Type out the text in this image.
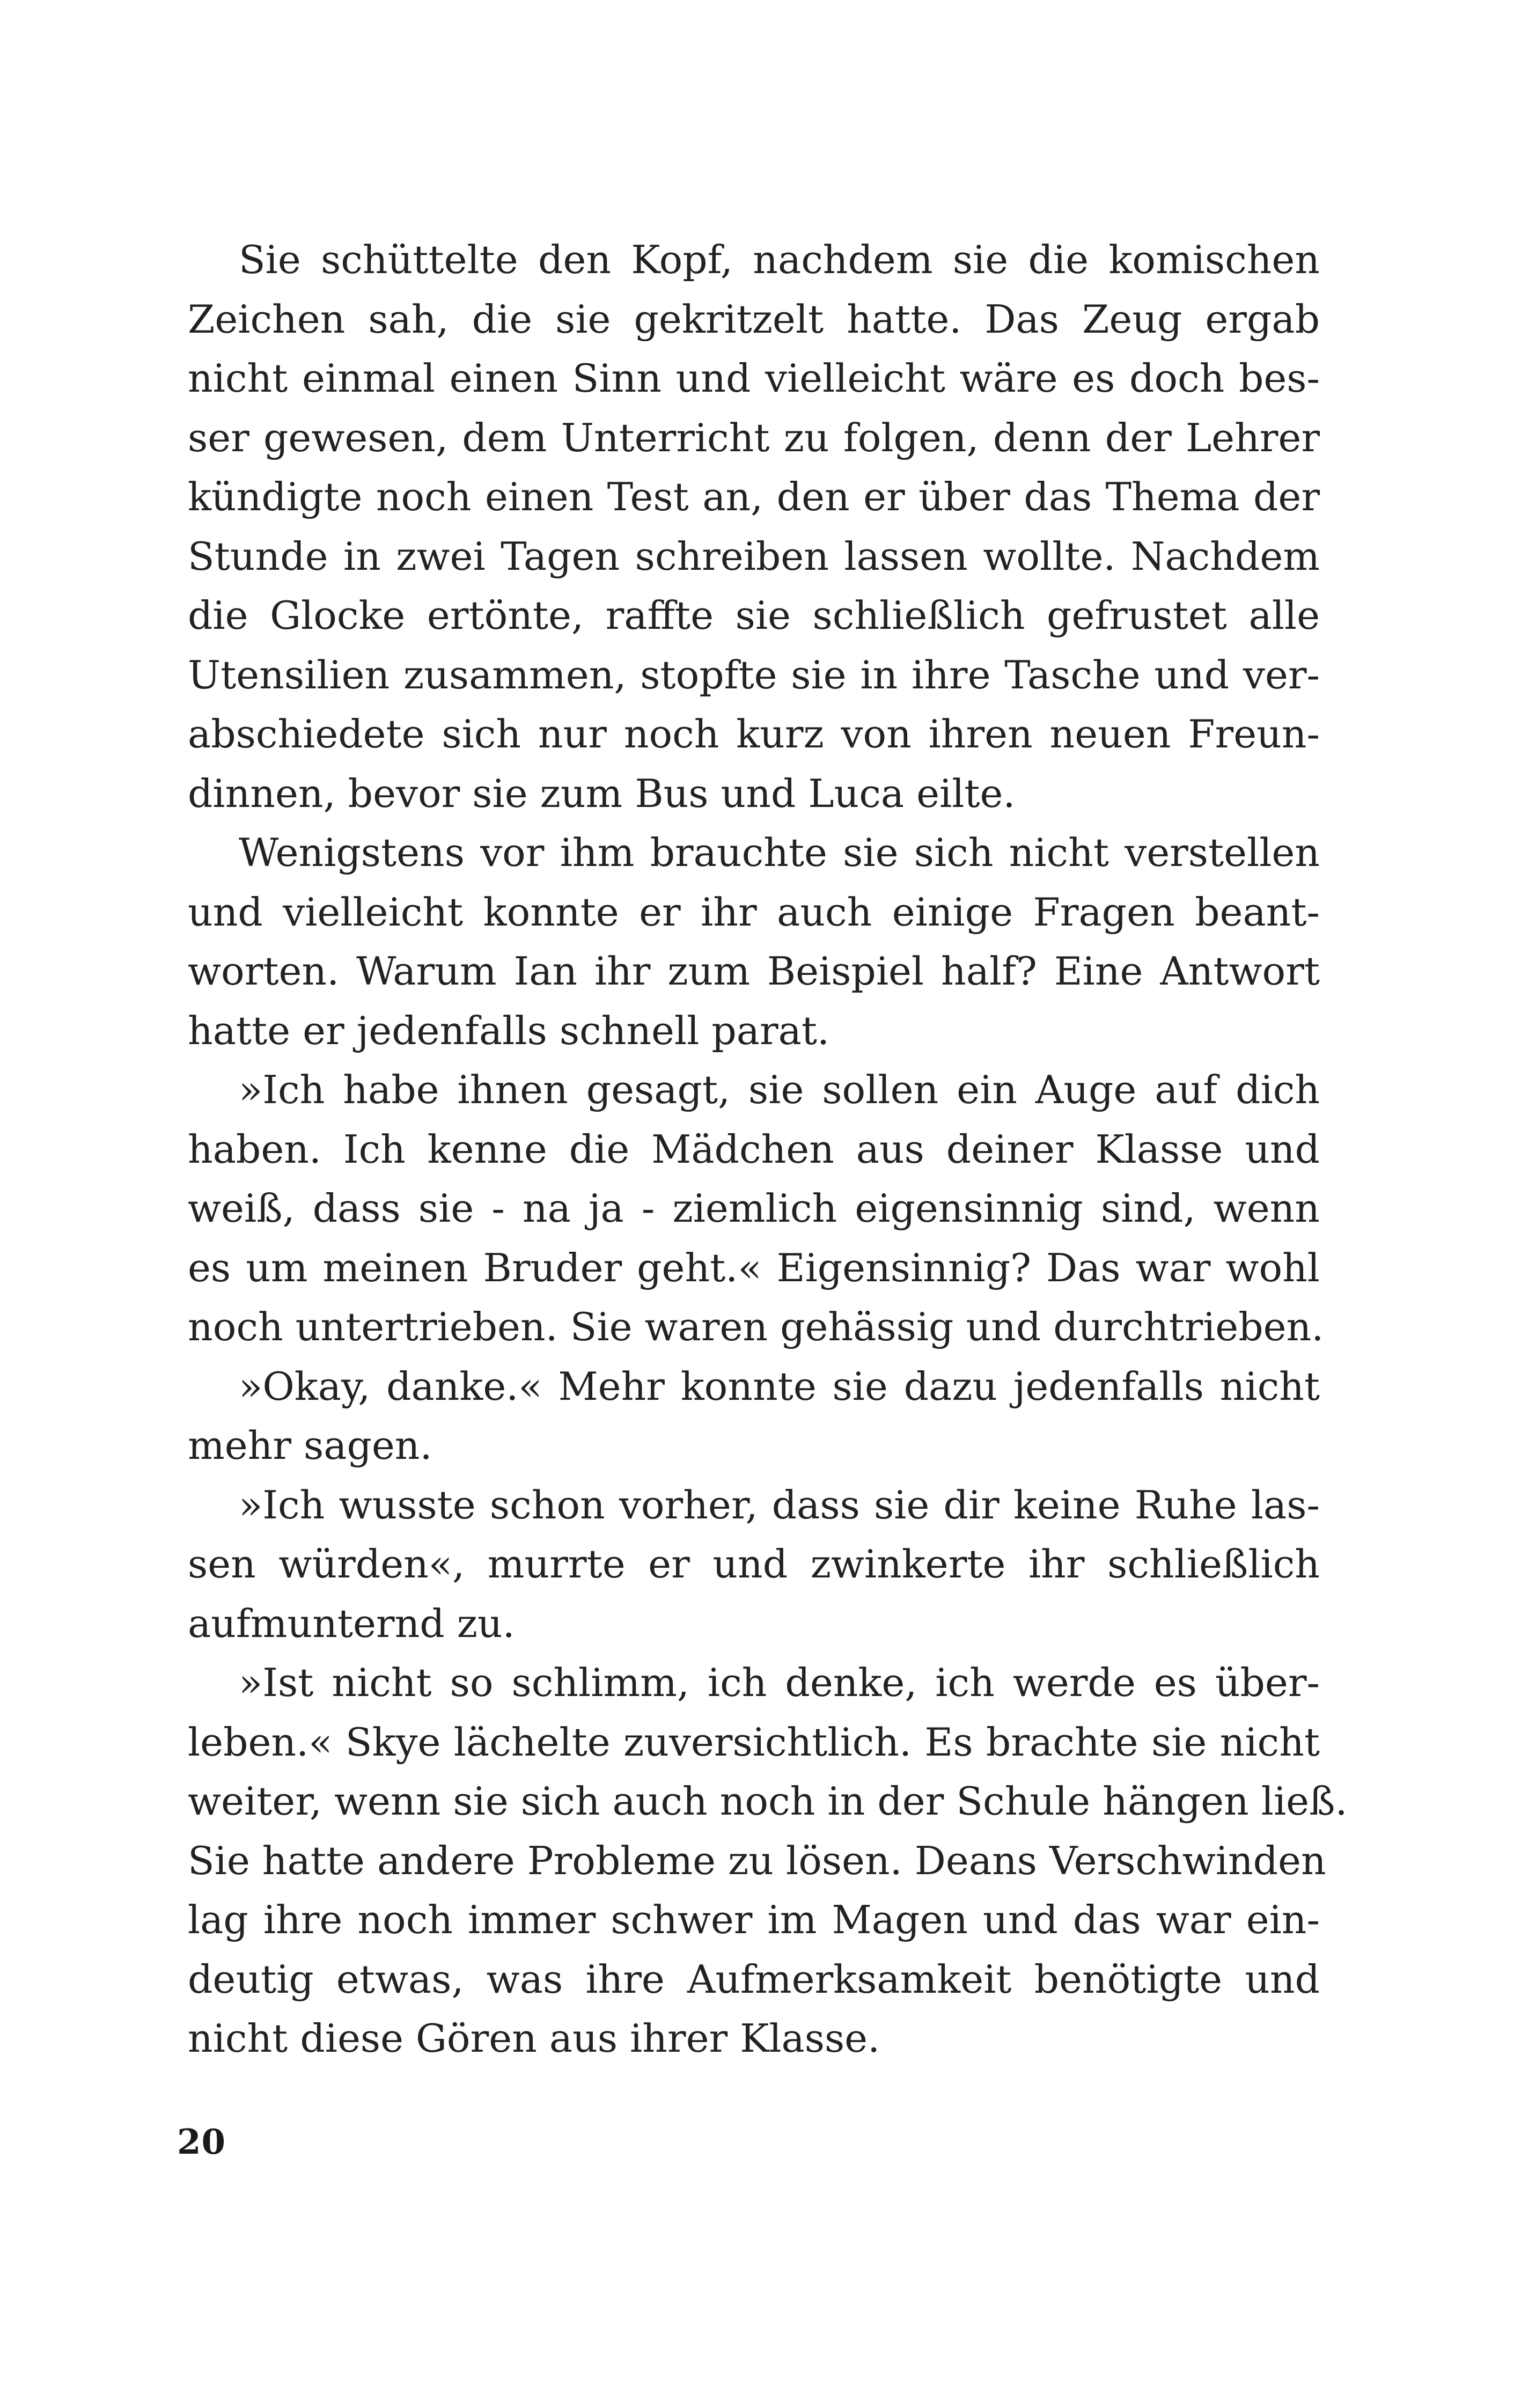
Sie schüttelte den Kopf, nachdem sie die komischen
Zeichen sah, die sie gekritzelt hatte. Das Zeug ergab
nicht einmal einen Sinn und vielleicht wäre es doch bes-
ser gewesen, dem Unterricht zu folgen, denn der Lehrer
kündigte noch einen Test an, den er über das Thema der
Stunde in zwei Tagen schreiben lassen wollte. Nachdem
die Glocke ertönte, raffte sie schließlich gefrustet alle
Utensilien zusammen, stopfte sie in ihre Tasche und ver-
abschiedete sich nur noch kurz von ihren neuen Freun-
dinnen, bevor sie zum Bus und Luca eilte.
Wenigstens vor ihm brauchte sie sich nicht verstellen
und vielleicht konnte er ihr auch einige Fragen beant-
worten. Warum Ian ihr zum Beispiel half? Eine Antwort
hatte er jedenfalls schnell parat.
»Ich habe ihnen gesagt, sie sollen ein Auge auf dich
haben. Ich kenne die Mädchen aus deiner Klasse und
weiß, dass sie - na ja - ziemlich eigensinnig sind, wenn
es um meinen Bruder geht.« Eigensinnig? Das war wohl
noch untertrieben. Sie waren gehässig und durchtrieben.
»Okay, danke.« Mehr konnte sie dazu jedenfalls nicht
mehr sagen.
»Ich wusste schon vorher, dass sie dir keine Ruhe las-
sen würden«, murrte er und zwinkerte ihr schließlich
aufmunternd zu.
»Ist nicht so schlimm, ich denke, ich werde es über-
leben.« Skye lächelte zuversichtlich. Es brachte sie nicht
weiter, wenn sie sich auch noch in der Schule hängen ließ.
Sie hatte andere Probleme zu lösen. Deans Verschwinden
lag ihre noch immer schwer im Magen und das war ein-
deutig etwas, was ihre Aufmerksamkeit benötigte und
nicht diese Gören aus ihrer Klasse.
20
